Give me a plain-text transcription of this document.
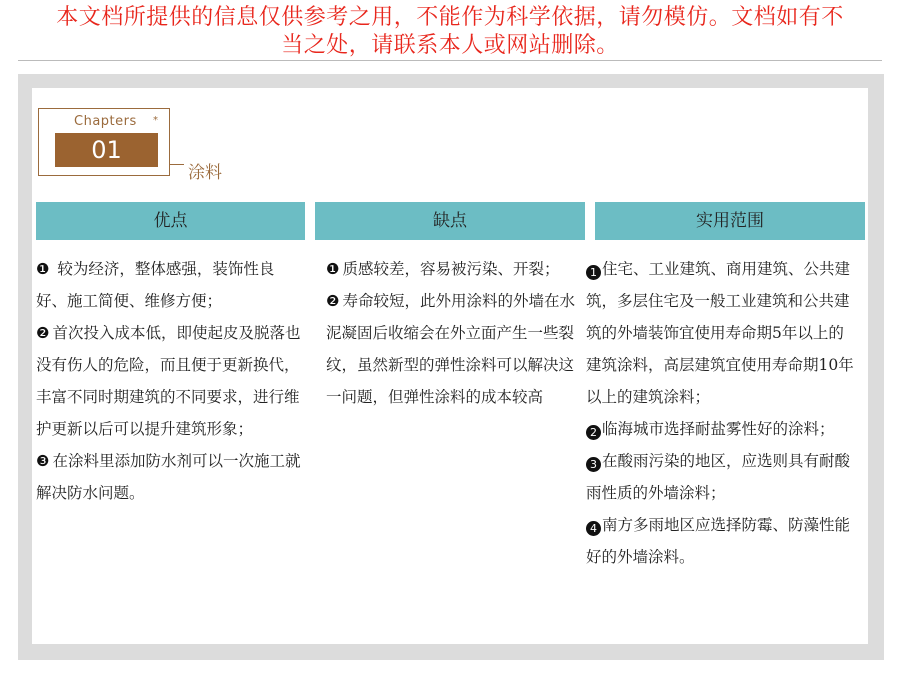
本文档所提供的信息仅供参考之用，不能作为科学依据，请勿模仿。文档如有不
当之处，请联系本人或网站删除。
Chapters *
01
涂料
优点

❶ 较为经济，整体感强，装饰性良好、施工简便、维修方便；

❷ 首次投入成本低，即使起皮及脱落也没有伤人的危险，而且便于更新换代，丰富不同时期建筑的不同要求，进行维护更新以后可以提升建筑形象；

❸ 在涂料里添加防水剂可以一次施工就解决防水问题。

缺点

❶ 质感较差，容易被污染、开裂；

❷ 寿命较短，此外用涂料的外墙在水泥凝固后收缩会在外立面产生一些裂纹，虽然新型的弹性涂料可以解决这一问题，但弹性涂料的成本较高

实用范围

1 住宅、工业建筑、商用建筑、公共建筑，多层住宅及一般工业建筑和公共建筑的外墙装饰宜使用寿命期5年以上的建筑涂料，高层建筑宜使用寿命期10年以上的建筑涂料；

2 临海城市选择耐盐雾性好的涂料；

3 在酸雨污染的地区，应选则具有耐酸雨性质的外墙涂料；

4 南方多雨地区应选择防霉、防藻性能好的外墙涂料。
